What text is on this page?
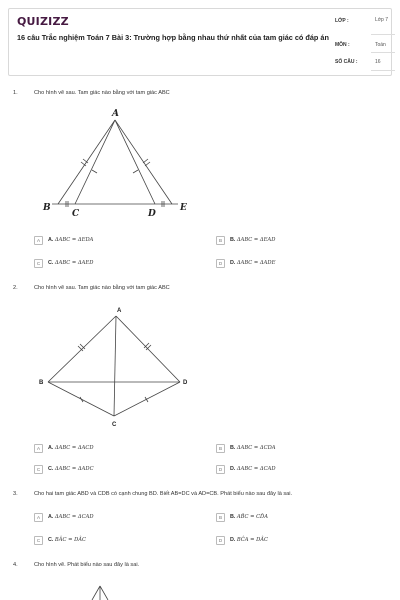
QUIZIZZ
16 câu Trắc nghiệm Toán 7 Bài 3: Trường hợp bằng nhau thứ nhất của tam giác có đáp án
LỚP :	Lớp 7
MÔN :	Toán
SỐ CÂU :	16
1.	Cho hình vẽ sau. Tam giác nào bằng với tam giác ABC
A
B
C	D
E
A	A. ΔABC = ΔEDA	B	B. ΔABC = ΔEAD
C	C. ΔABC = ΔAED	D	D. ΔABC = ΔADE
2.	Cho hình vẽ sau. Tam giác nào bằng với tam giác ABC
A
B
C
D
A	A. ΔABC = ΔACD	B	B. ΔABC = ΔCDA
C	C. ΔABC = ΔADC	D	D. ΔABC = ΔCAD
3.	Cho hai tam giác ABD và CDB có cạnh chung BD. Biết AB=DC và AD=CB. Phát biểu nào sau đây là sai.
A	A. ΔABC = ΔCAD	B	B. AB̂C = CD̂A
C	C. BÂC = DÂC	D	D. BĈA = DÂC
4.	Cho hình vẽ. Phát biểu nào sau đây là sai.
